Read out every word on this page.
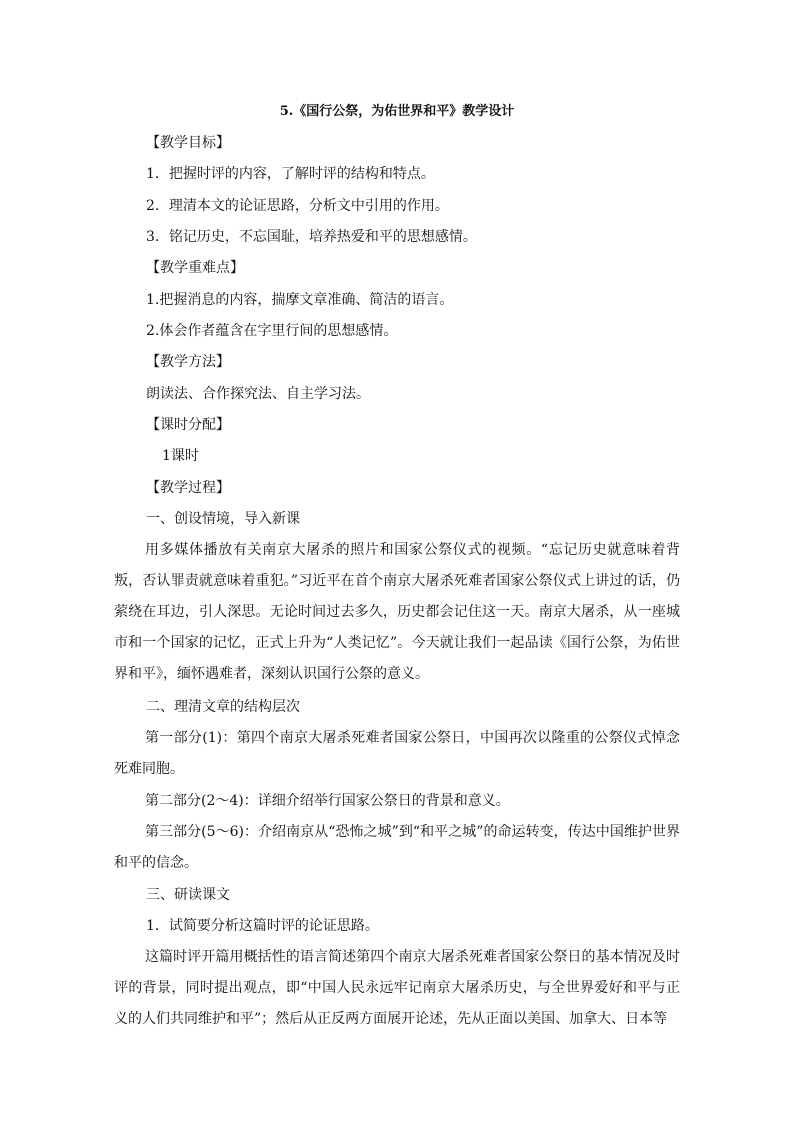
5.《国行公祭，为佑世界和平》教学设计
【教学目标】
1．把握时评的内容，了解时评的结构和特点。
2．理清本文的论证思路，分析文中引用的作用。
3．铭记历史，不忘国耻，培养热爱和平的思想感情。
【教学重难点】
1.把握消息的内容，揣摩文章准确、简洁的语言。
2.体会作者蕴含在字里行间的思想感情。
【教学方法】
朗读法、合作探究法、自主学习法。
【课时分配】
1课时
【教学过程】
一、创设情境，导入新课
用多媒体播放有关南京大屠杀的照片和国家公祭仪式的视频。“忘记历史就意味着背叛，否认罪责就意味着重犯。”习近平在首个南京大屠杀死难者国家公祭仪式上讲过的话，仍萦绕在耳边，引人深思。无论时间过去多久，历史都会记住这一天。南京大屠杀，从一座城市和一个国家的记忆，正式上升为“人类记忆”。今天就让我们一起品读《国行公祭，为佑世界和平》，缅怀遇难者，深刻认识国行公祭的意义。
二、理清文章的结构层次
第一部分(1)：第四个南京大屠杀死难者国家公祭日，中国再次以隆重的公祭仪式悼念死难同胞。
第二部分(2～4)：详细介绍举行国家公祭日的背景和意义。
第三部分(5～6)：介绍南京从“恐怖之城”到“和平之城”的命运转变，传达中国维护世界和平的信念。
三、研读课文
1．试简要分析这篇时评的论证思路。
这篇时评开篇用概括性的语言简述第四个南京大屠杀死难者国家公祭日的基本情况及时评的背景，同时提出观点，即“中国人民永远牢记南京大屠杀历史，与全世界爱好和平与正义的人们共同维护和平”；然后从正反两方面展开论述，先从正面以美国、加拿大、日本等
